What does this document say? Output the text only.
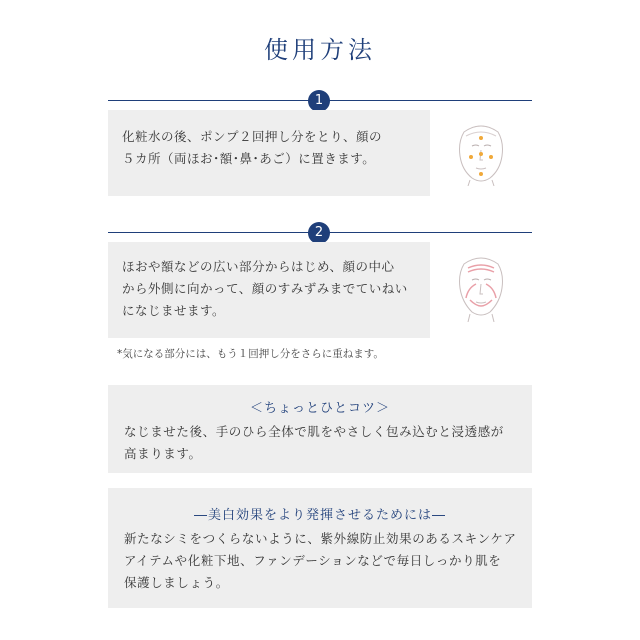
使用方法
1
化粧水の後、ポンプ２回押し分をとり、顔の
５カ所（両ほお･額･鼻･あご）に置きます。
2
ほおや額などの広い部分からはじめ、顔の中心
から外側に向かって、顔のすみずみまでていねい
になじませます。
*気になる部分には、もう１回押し分をさらに重ねます。
＜ちょっとひとコツ＞
なじませた後、手のひら全体で肌をやさしく包み込むと浸透感が
高まります。
―美白効果をより発揮させるためには―
新たなシミをつくらないように、紫外線防止効果のあるスキンケア
アイテムや化粧下地、ファンデーションなどで毎日しっかり肌を
保護しましょう。
